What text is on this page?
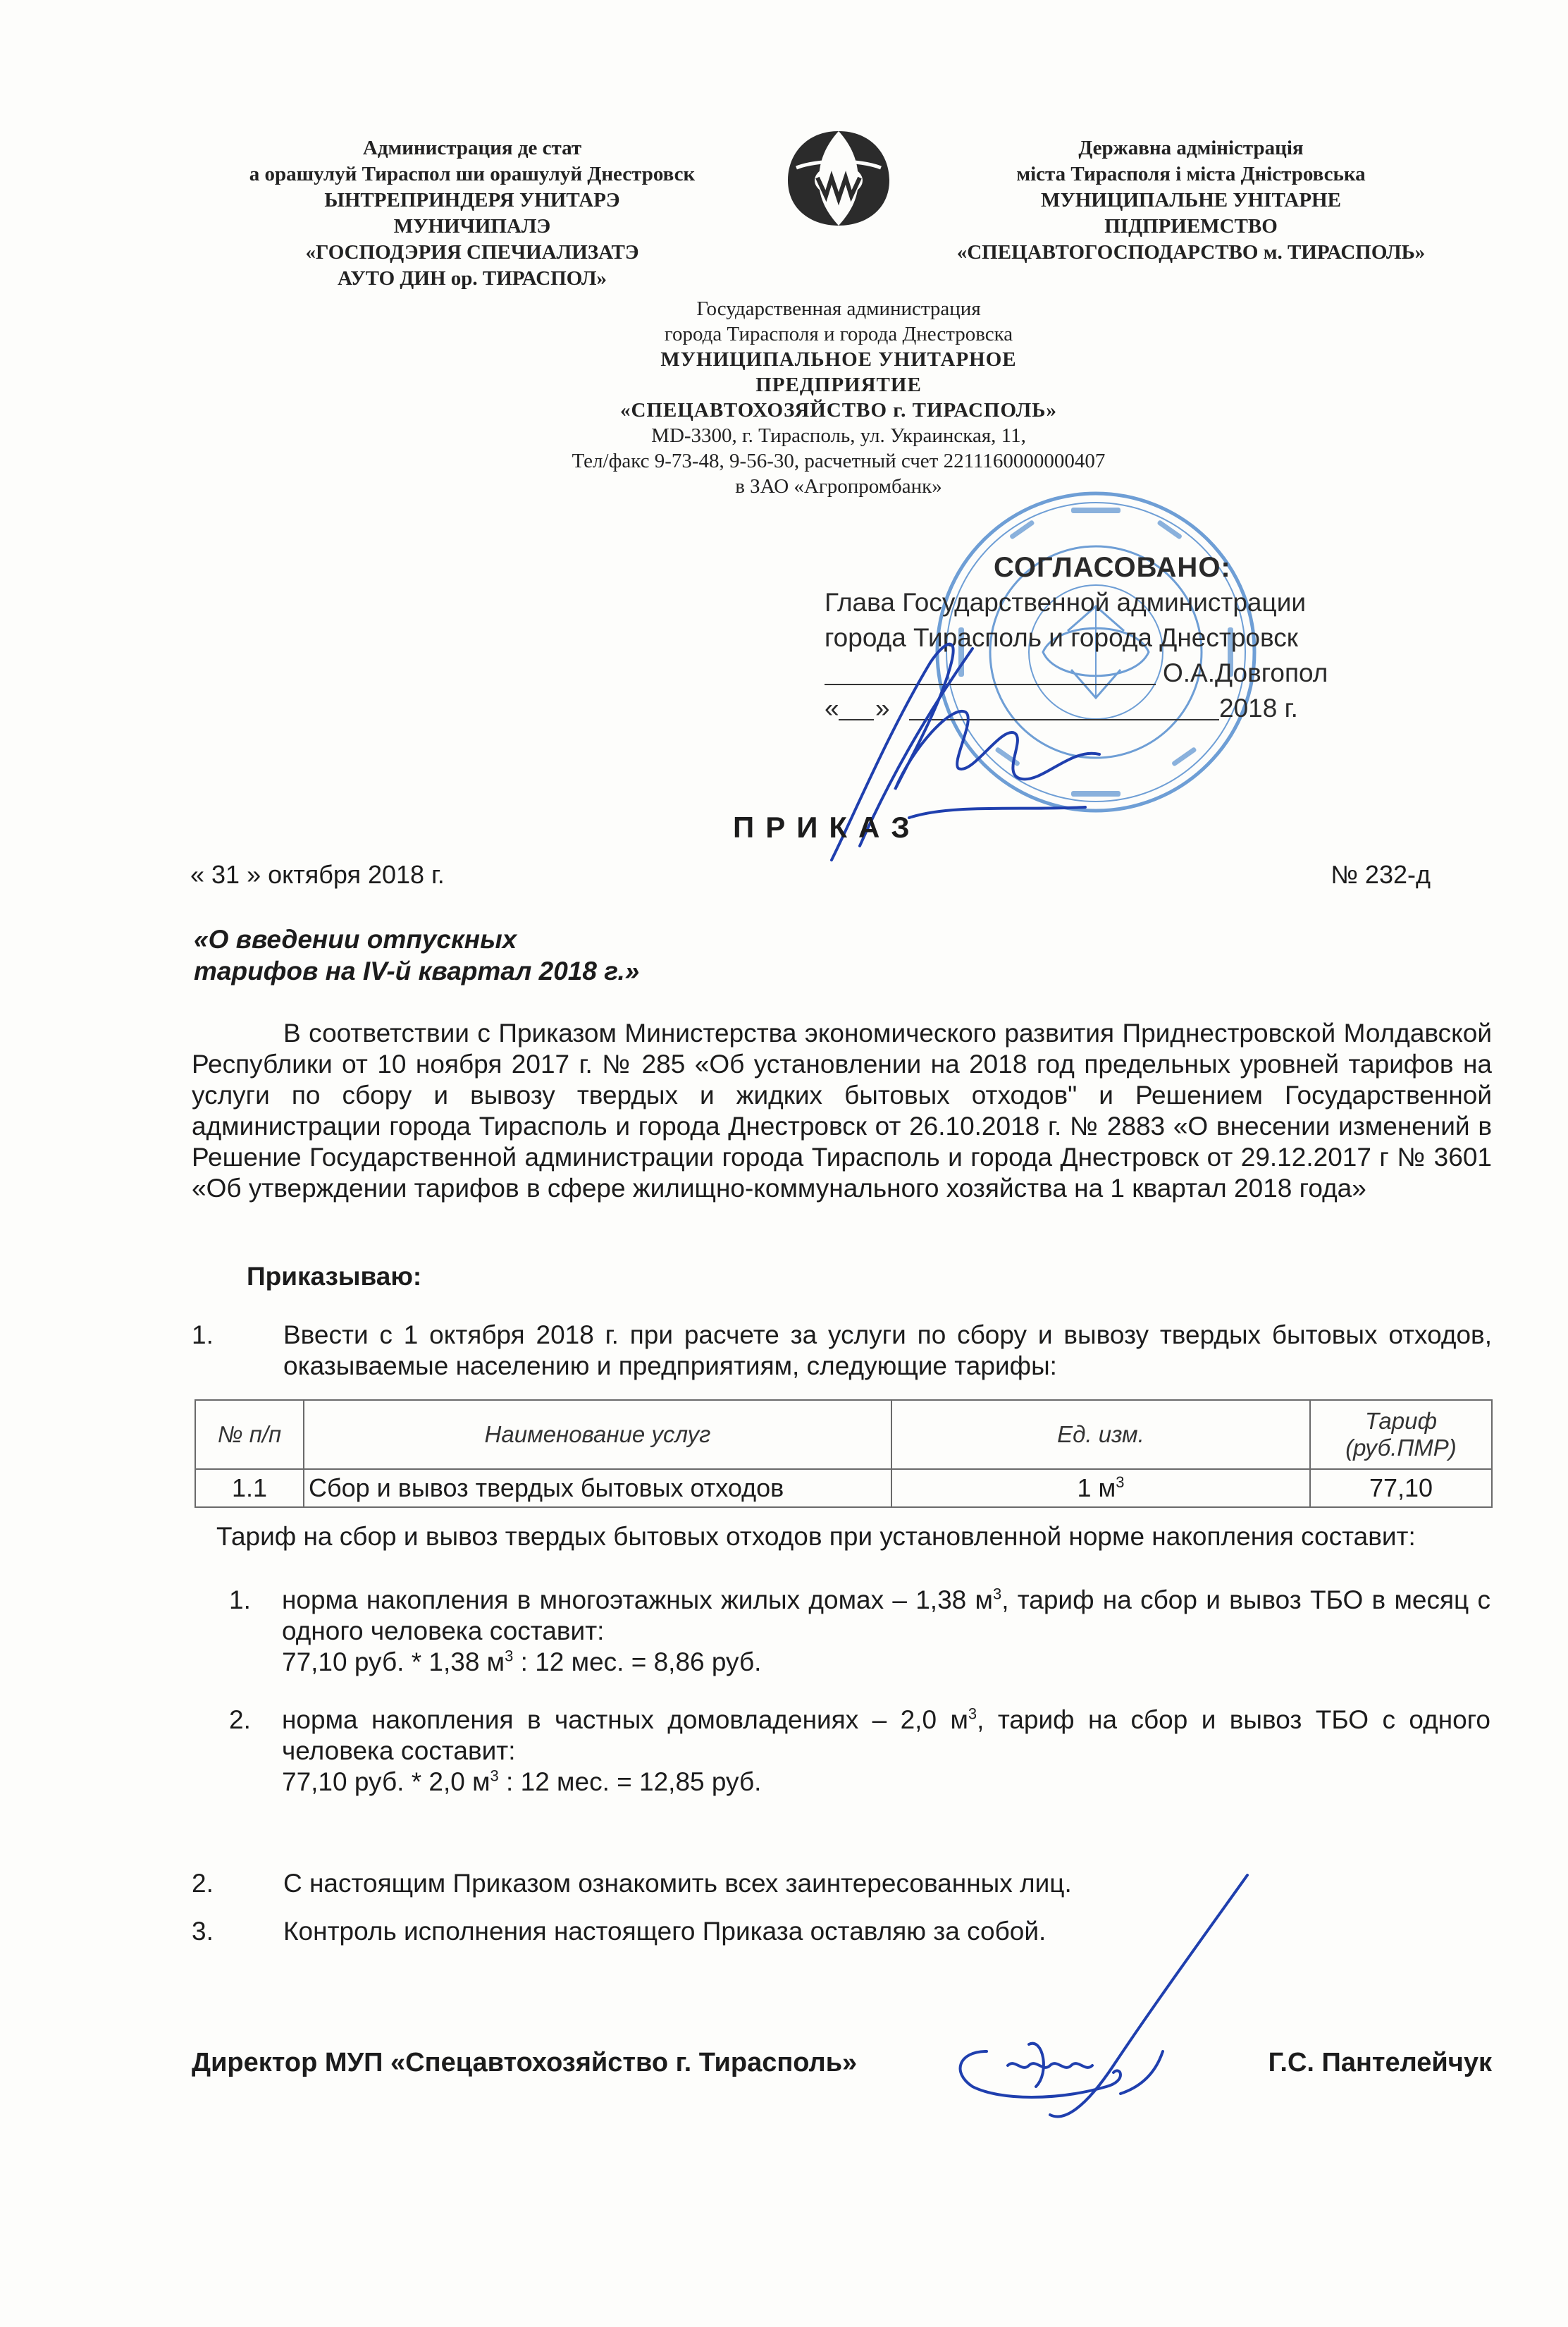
Администрация де стат
а орашулуй Тираспол ши орашулуй Днестровск
ЫНТРЕПРИНДЕРЯ УНИТАРЭ
МУНИЧИПАЛЭ
«ГОСПОДЭРИЯ СПЕЧИАЛИЗАТЭ
АУТО ДИН ор. ТИРАСПОЛ»
Державна адміністрація
міста Тирасполя і міста Дністровська
МУНИЦИПАЛЬНЕ УНІТАРНЕ
ПІДПРИЕМСТВО
«СПЕЦАВТОГОСПОДАРСТВО м. ТИРАСПОЛЬ»
Государственная администрация
города Тирасполя и города Днестровска
МУНИЦИПАЛЬНОЕ УНИТАРНОЕ
ПРЕДПРИЯТИЕ
«СПЕЦАВТОХОЗЯЙСТВО г. ТИРАСПОЛЬ»
MD-3300, г. Тирасполь, ул. Украинская, 11,
Тел/факс 9-73-48, 9-56-30, расчетный счет 2211160000000407
в ЗАО «Агропромбанк»
СОГЛАСОВАНО:
Глава Государственной администрации
города Тирасполь и города Днестровск
О.А.Довгопол
« »	2018 г.
ПРИКАЗ
« 31 » октября 2018 г.	№ 232-д
«О введении отпускных
тарифов на IV-й квартал 2018 г.»
В соответствии с Приказом Министерства экономического развития Приднестровской Молдавской Республики от 10 ноября 2017 г. № 285 «Об установлении на 2018 год предельных уровней тарифов на услуги по сбору и вывозу твердых и жидких бытовых отходов" и Решением Государственной администрации города Тирасполь и города Днестровск от 26.10.2018 г. № 2883 «О внесении изменений в Решение Государственной администрации города Тирасполь и города Днестровск от 29.12.2017 г № 3601 «Об утверждении тарифов в сфере жилищно-коммунального хозяйства на 1 квартал 2018 года»
Приказываю:
1.	Ввести с 1 октября 2018 г. при расчете за услуги по сбору и вывозу твердых бытовых отходов, оказываемые населению и предприятиям, следующие тарифы:
№ п/п	Наименование услуг	Ед. изм.	Тариф
(руб.ПМР)

1.1	Сбор и вывоз твердых бытовых отходов	1 $м^3$	77,10
Тариф на сбор и вывоз твердых бытовых отходов при установленной норме накопления составит:
1. норма накопления в многоэтажных жилых домах – 1,38 $м^3$, тариф на сбор и вывоз ТБО в месяц с одного человека составит:
77,10 руб. * 1,38 $м^3$ : 12 мес. = 8,86 руб.
2. норма накопления в частных домовладениях – 2,0 $м^3$, тариф на сбор и вывоз ТБО с одного человека составит:
77,10 руб. * 2,0 $м^3$ : 12 мес. = 12,85 руб.
2.	С настоящим Приказом ознакомить всех заинтересованных лиц.
3.	Контроль исполнения настоящего Приказа оставляю за собой.
Директор МУП «Спецавтохозяйство г. Тирасполь»	Г.С. Пантелейчук
